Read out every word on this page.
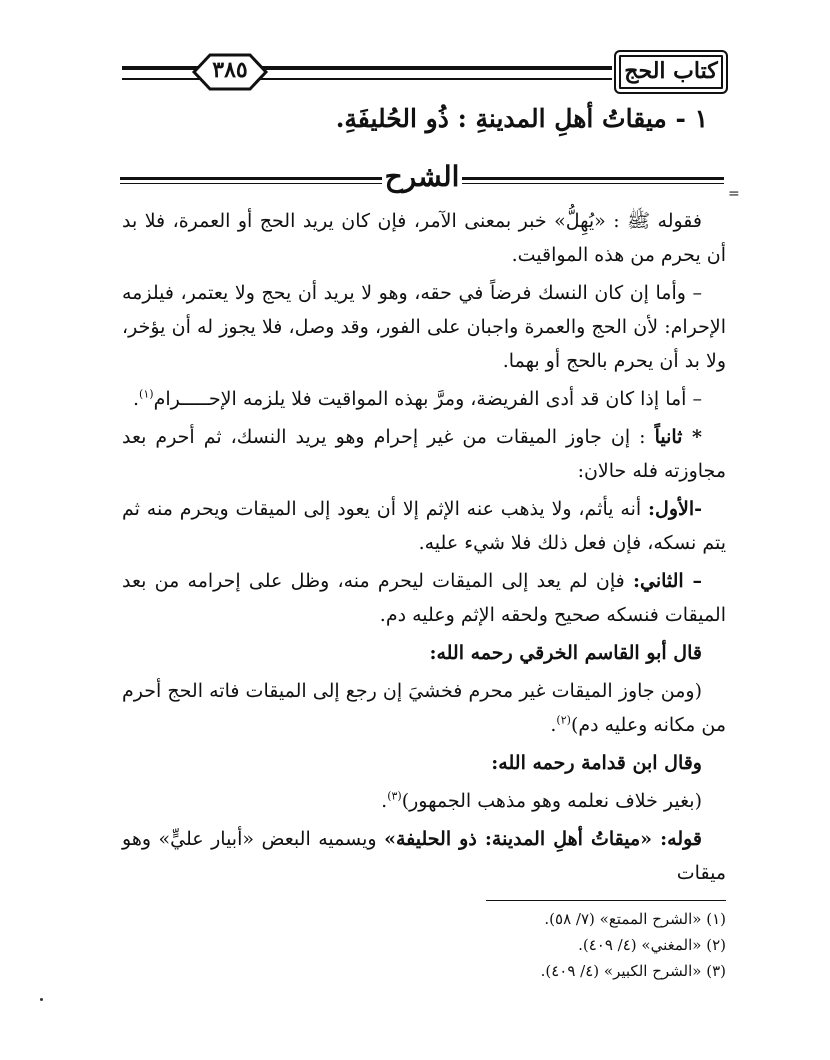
٣٨٥	كتاب الحج
١ - ميقاتُ أهلِ المدينةِ : ذُو الحُليفَةِ.
الشرح
=

فقوله ﷺ : «يُهِلُّ» خبر بمعنى الآمر، فإن كان يريد الحج أو العمرة، فلا بد أن يحرم من هذه المواقيت.

– وأما إن كان النسك فرضاً في حقه، وهو لا يريد أن يحج ولا يعتمر، فيلزمه الإحرام: لأن الحج والعمرة واجبان على الفور، وقد وصل، فلا يجوز له أن يؤخر، ولا بد أن يحرم بالحج أو بهما.

– أما إذا كان قد أدى الفريضة، ومرَّ بهذه المواقيت فلا يلزمه الإحـــــرام$^{(١)}$.

* ثانياً : إن جاوز الميقات من غير إحرام وهو يريد النسك، ثم أحرم بعد مجاوزته فله حالان:

-الأول: أنه يأثم، ولا يذهب عنه الإثم إلا أن يعود إلى الميقات ويحرم منه ثم يتم نسكه، فإن فعل ذلك فلا شيء عليه.

– الثاني: فإن لم يعد إلى الميقات ليحرم منه، وظل على إحرامه من بعد الميقات فنسكه صحيح ولحقه الإثم وعليه دم.

قال أبو القاسم الخرقي رحمه الله:

(ومن جاوز الميقات غير محرم فخشيَ إن رجع إلى الميقات فاته الحج أحرم من مكانه وعليه دم)$^{(٢)}$.

وقال ابن قدامة رحمه الله:

(بغير خلاف نعلمه وهو مذهب الجمهور)$^{(٣)}$.

قوله: «ميقاتُ أهلِ المدينة: ذو الحليفة» ويسميه البعض «أبيار عليٍّ» وهو ميقات

(١) «الشرح الممتع» (٧/ ٥٨).
(٢) «المغني» (٤/ ٤٠٩).
(٣) «الشرح الكبير» (٤/ ٤٠٩).
